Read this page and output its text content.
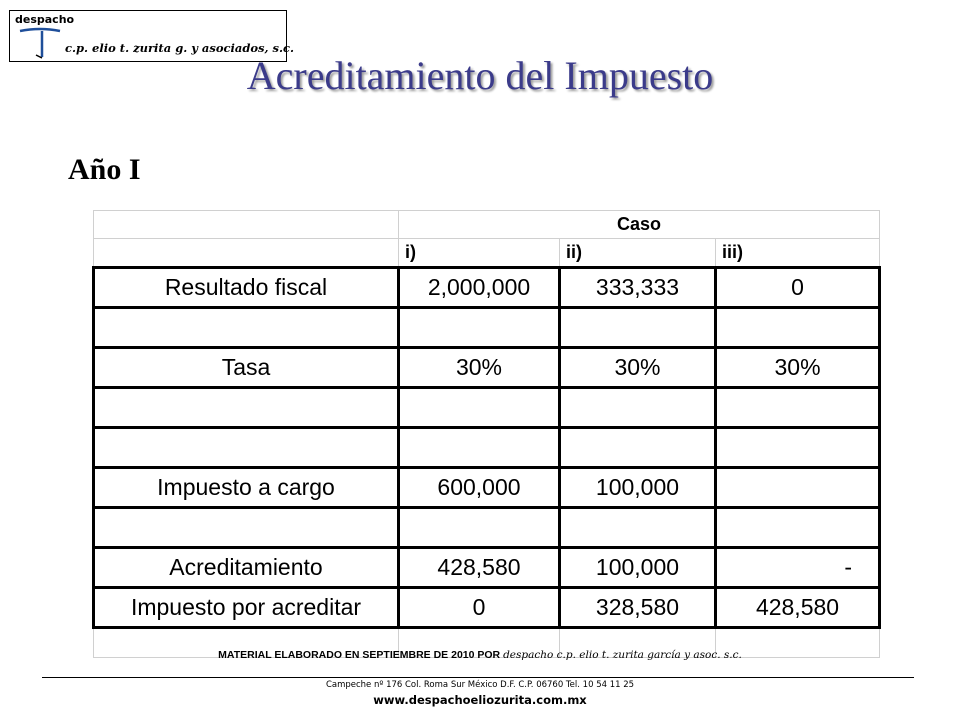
despacho
c.p. elio t. zurita g. y asociados, s.c.
Acreditamiento del Impuesto
Año I
	Caso		
	i)	ii)	iii)
Resultado fiscal	2,000,000	333,333	0

Tasa	30%	30%	30%

Impuesto a cargo	600,000	100,000	

Acreditamiento	428,580	100,000	-
Impuesto por acreditar	0	328,580	428,580

MATERIAL ELABORADO EN SEPTIEMBRE DE 2010 POR despacho c.p. elio t. zurita garcía y asoc. s.c.
Campeche nº 176 Col. Roma Sur México D.F. C.P. 06760 Tel. 10 54 11 25
www.despachoeliozurita.com.mx
